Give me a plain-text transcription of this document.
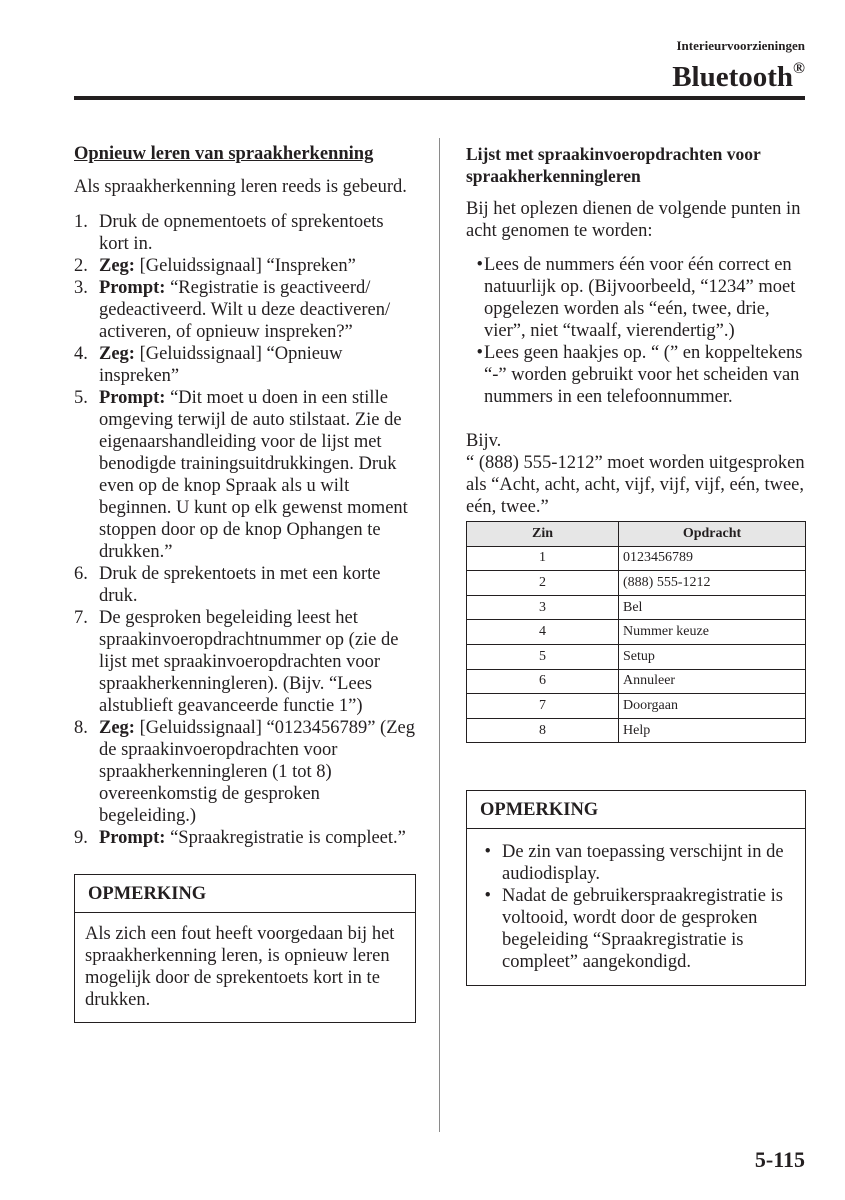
Interieurvoorzieningen
Bluetooth®
Opnieuw leren van spraakherkenning

Als spraakherkenning leren reeds is gebeurd.

1. Druk de opnementoets of sprekentoets kort in.
2. Zeg: [Geluidssignaal] “Inspreken”
3. Prompt: “Registratie is geactiveerd/ gedeactiveerd. Wilt u deze deactiveren/ activeren, of opnieuw inspreken?”
4. Zeg: [Geluidssignaal] “Opnieuw inspreken”
5. Prompt: “Dit moet u doen in een stille omgeving terwijl de auto stilstaat. Zie de eigenaarshandleiding voor de lijst met benodigde trainingsuitdrukkingen. Druk even op de knop Spraak als u wilt beginnen. U kunt op elk gewenst moment stoppen door op de knop Ophangen te drukken.”
6. Druk de sprekentoets in met een korte druk.
7. De gesproken begeleiding leest het spraakinvoeropdrachtnummer op (zie de lijst met spraakinvoeropdrachten voor spraakherkenningleren). (Bijv. “Lees alstublieft geavanceerde functie 1”)
8. Zeg: [Geluidssignaal] “0123456789” (Zeg de spraakinvoeropdrachten voor spraakherkenningleren (1 tot 8) overeenkomstig de gesproken begeleiding.)
9. Prompt: “Spraakregistratie is compleet.”
OPMERKING
Als zich een fout heeft voorgedaan bij het spraakherkenning leren, is opnieuw leren mogelijk door de sprekentoets kort in te drukken.
Lijst met spraakinvoeropdrachten voor spraakherkenningleren

Bij het oplezen dienen de volgende punten in acht genomen te worden:

• Lees de nummers één voor één correct en natuurlijk op. (Bijvoorbeeld, “1234” moet opgelezen worden als “eén, twee, drie, vier”, niet “twaalf, vierendertig”.)
• Lees geen haakjes op. “ (” en koppeltekens “-” worden gebruikt voor het scheiden van nummers in een telefoonnummer.

Bijv.

“ (888) 555-1212” moet worden uitgesproken als “Acht, acht, acht, vijf, vijf, vijf, eén, twee, eén, twee.”

Zin	Opdracht
1	0123456789
2	(888) 555-1212
3	Bel
4	Nummer keuze
5	Setup
6	Annuleer
7	Doorgaan
8	Help
OPMERKING
• De zin van toepassing verschijnt in de audiodisplay.
• Nadat de gebruikerspraakregistratie is voltooid, wordt door de gesproken begeleiding “Spraakregistratie is compleet” aangekondigd.
5-115
